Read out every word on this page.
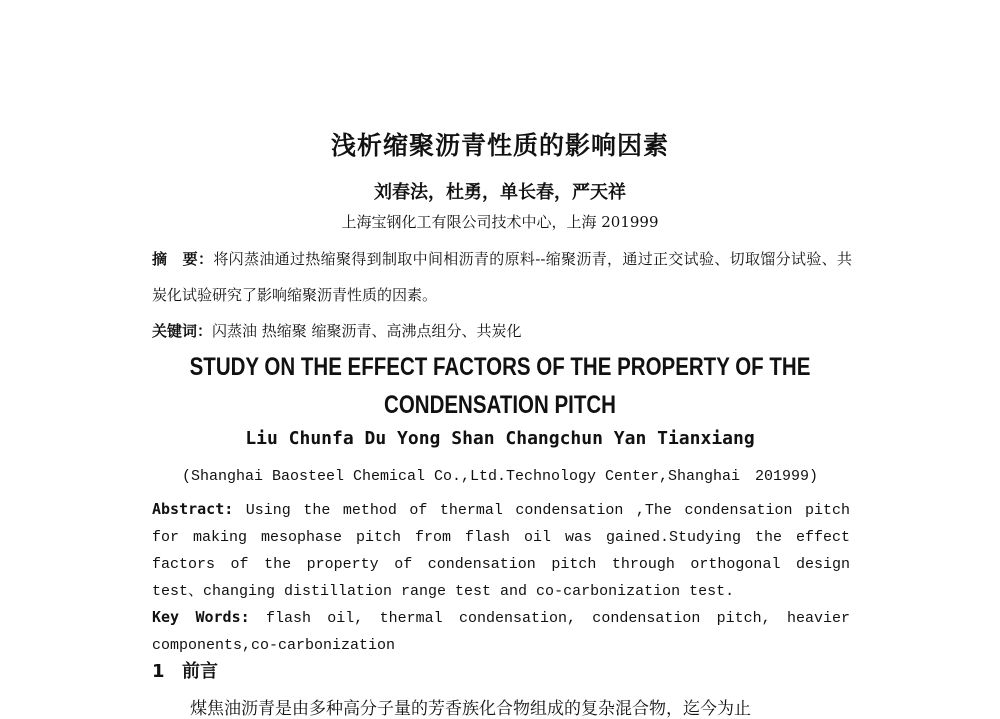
浅析缩聚沥青性质的影响因素
刘春法，杜勇，单长春，严天祥
上海宝钢化工有限公司技术中心，上海 201999
摘　要：将闪蒸油通过热缩聚得到制取中间相沥青的原料--缩聚沥青，通过正交试验、切取馏分试验、共炭化试验研究了影响缩聚沥青性质的因素。
关键词：闪蒸油 热缩聚 缩聚沥青、高沸点组分、共炭化
STUDY ON THE EFFECT FACTORS OF THE PROPERTY OF THE
CONDENSATION PITCH
Liu Chunfa Du Yong Shan Changchun Yan Tianxiang
(Shanghai Baosteel Chemical Co.,Ltd.Technology Center,Shanghai　201999)
Abstract: Using the method of thermal condensation ,The condensation pitch for making mesophase pitch from flash oil was gained.Studying the effect factors of the property of condensation pitch through orthogonal design test、changing distillation range test and co-carbonization test.
Key Words: flash oil, thermal condensation, condensation pitch, heavier components,co-carbonization
1 前言
煤焦油沥青是由多种高分子量的芳香族化合物组成的复杂混合物，迄今为止
